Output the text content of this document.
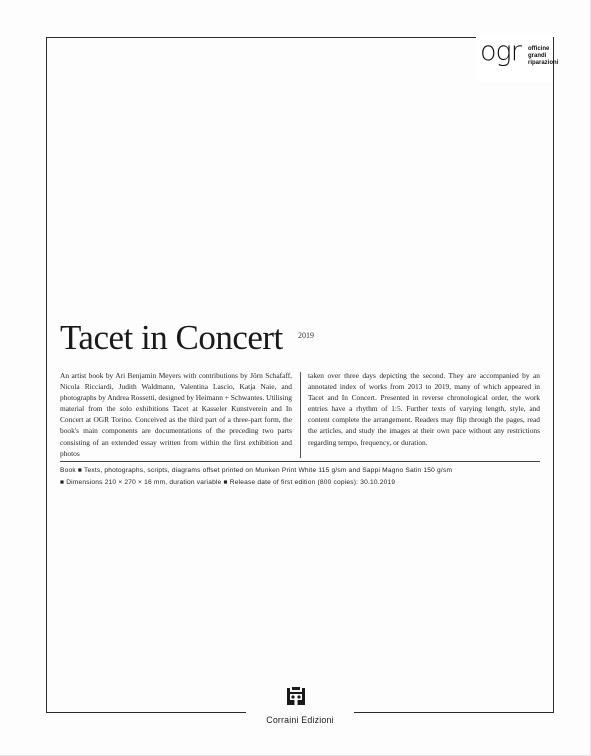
ogr officine
grandi
riparazioni
Tacet in Concert 2019
An artist book by Ari Benjamin Meyers with contributions by Jörn Schafaff, Nicola Ricciardi, Judith Waldmann, Valentina Lascio, Katja Naie, and photographs by Andrea Rossetti, designed by Heimann + Schwantes. Utilising material from the solo exhibitions Tacet at Kasseler Kunstverein and In Concert at OGR Torino. Conceived as the third part of a three-part form, the book's main components are documentations of the preceding two parts consisting of an extended essay written from within the first exhibition and photos
taken over three days depicting the second. They are accompanied by an annotated index of works from 2013 to 2019, many of which appeared in Tacet and In Concert. Presented in reverse chronological order, the work entries have a rhythm of 1:5. Further texts of varying length, style, and content complete the arrangement. Readers may flip through the pages, read the articles, and study the images at their own pace without any restrictions regarding tempo, frequency, or duration.
Book ■ Texts, photographs, scripts, diagrams offset printed on Munken Print White 115 g/sm and Sappi Magno Satin 150 g/sm
■ Dimensions 210 × 270 × 16 mm, duration variable ■ Release date of first edition (800 copies): 30.10.2019
Corraini Edizioni
